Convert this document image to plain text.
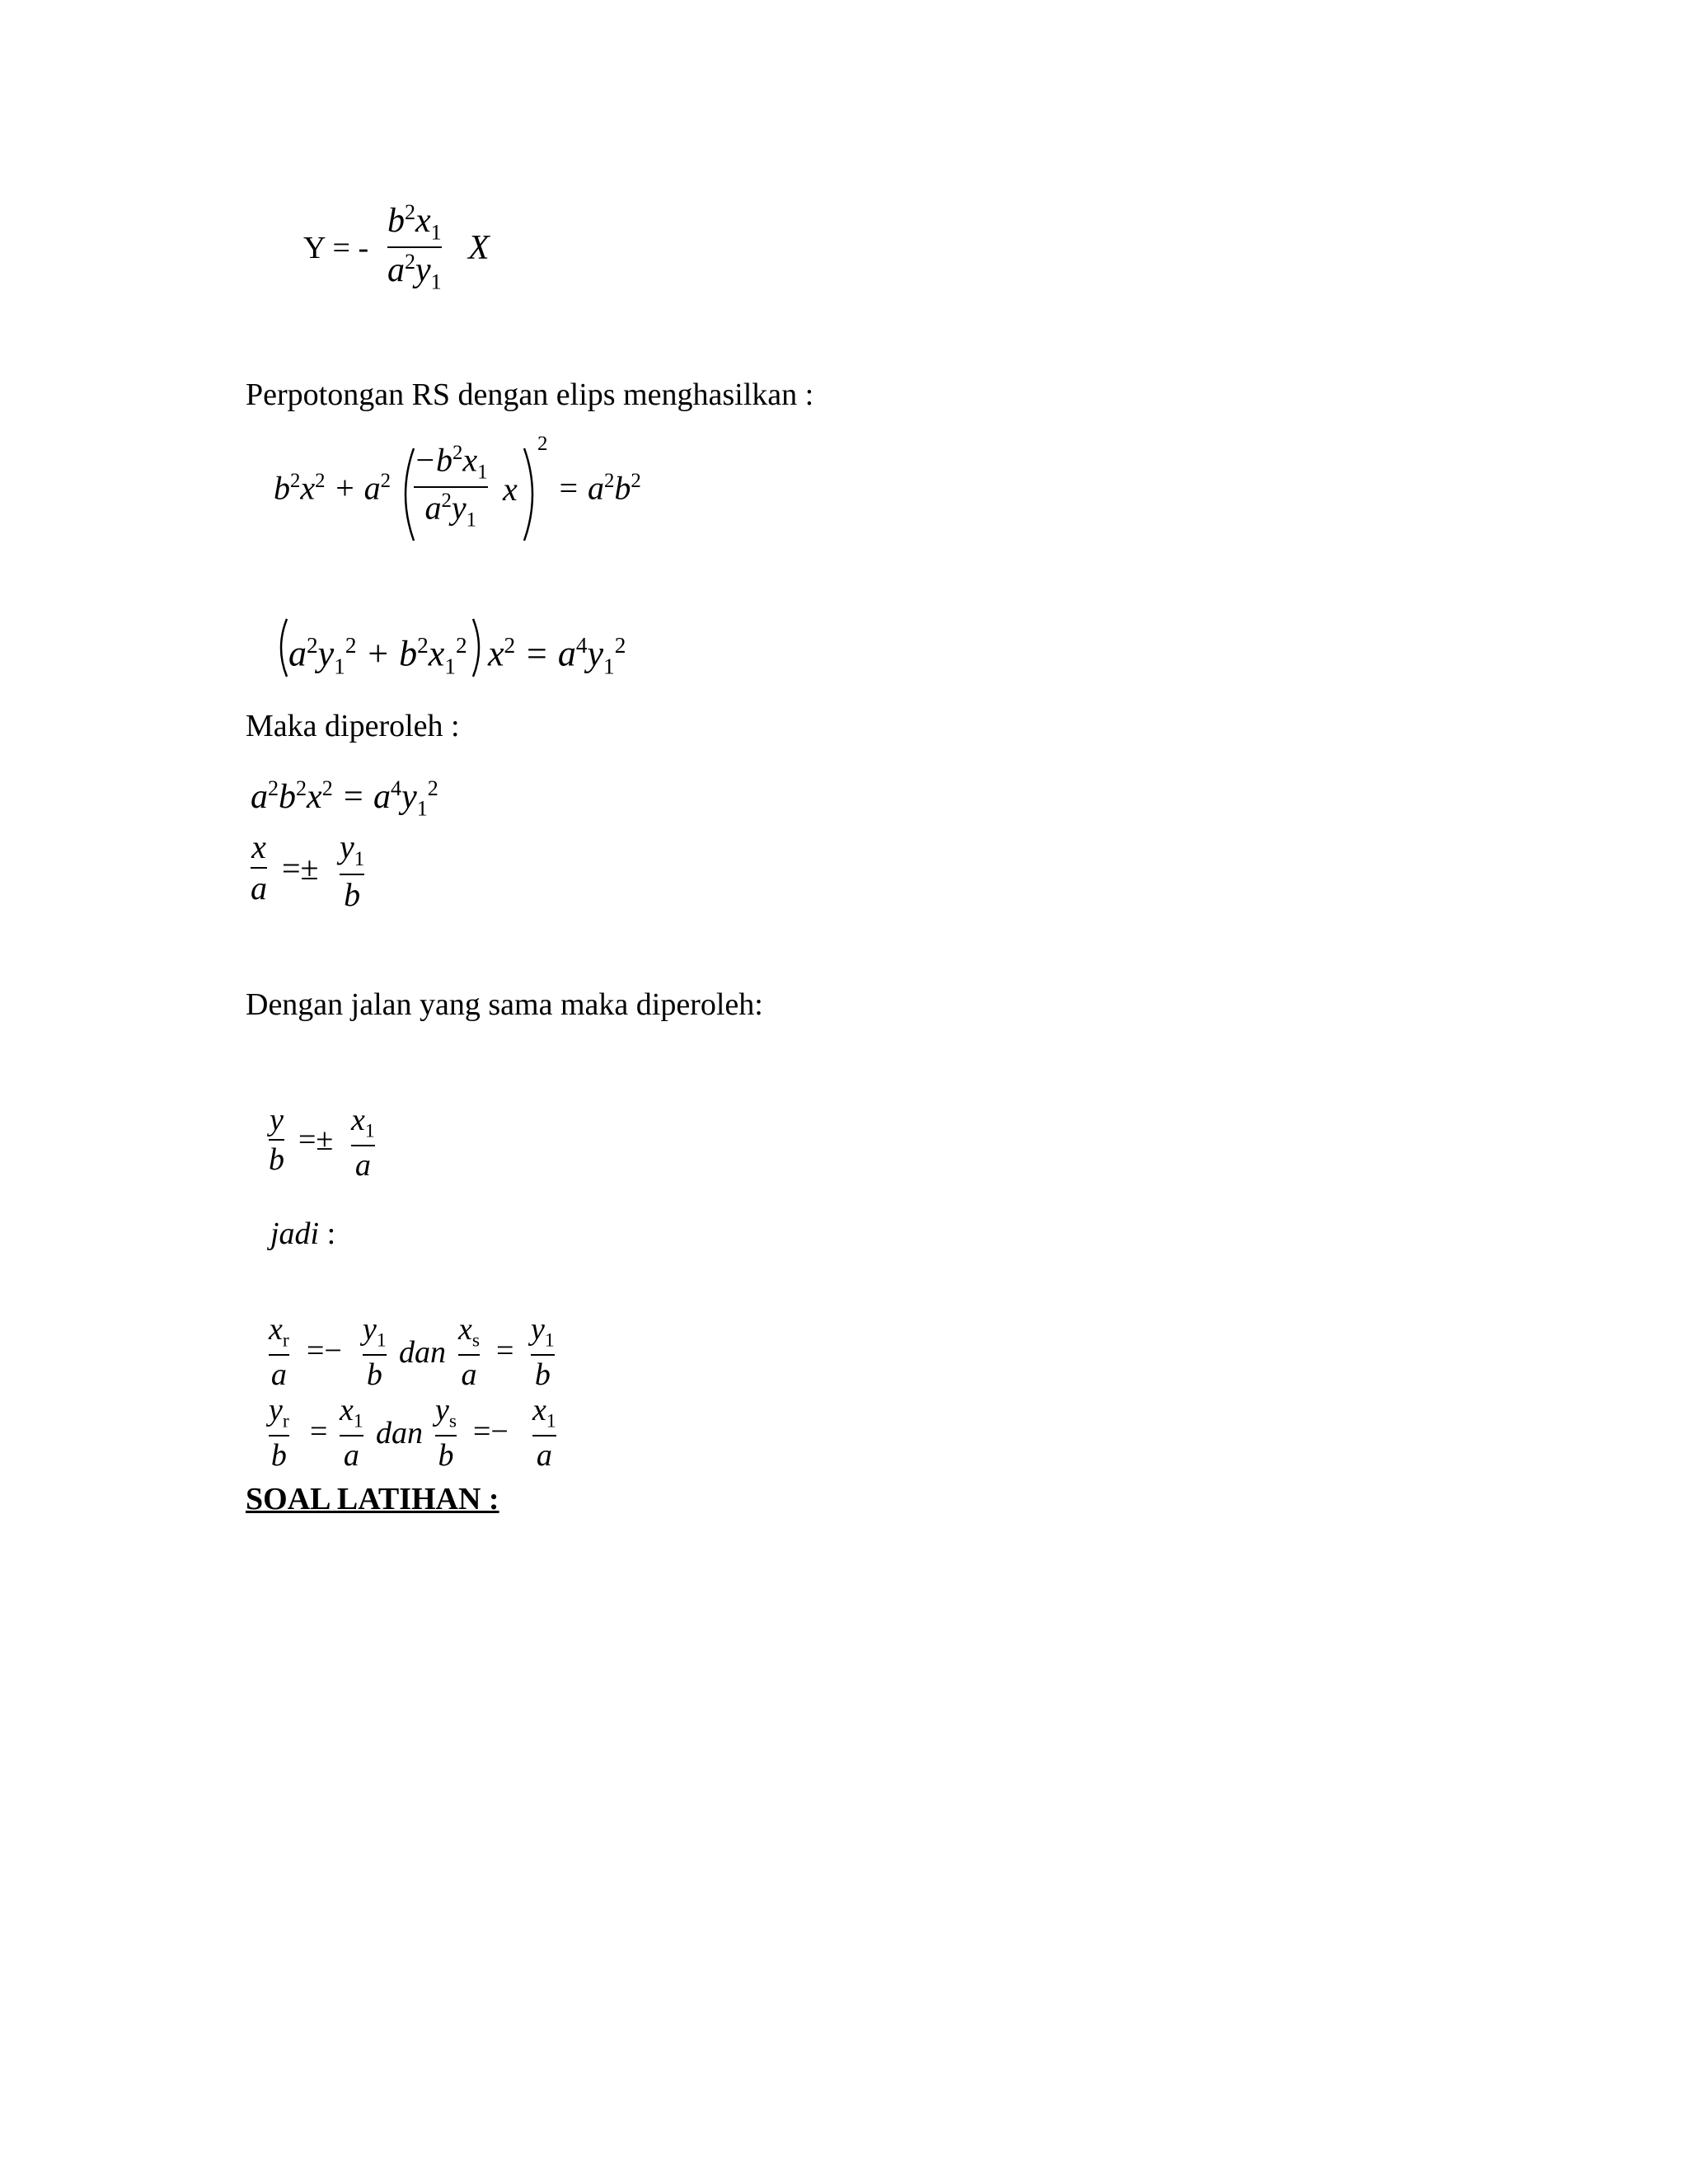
Y = -
$b^2x_1$
$a^2y_1$
X

Perpotongan RS dengan elips menghasilkan :

$b^2x^2 + a^2$
$-b^2x_1$
$a^2y_1$
x
2
= $a^2b^2$
$a^2y_1^2 + b^2x_1^2$ $x^2 = a^4y_1^2$

Maka diperoleh :

$a^2b^2x^2 = a^4y_1^2$
x
a
=±
$y_1$
b

Dengan jalan yang sama maka diperoleh:

y
b
=±
$x_1$
a
jadi :
$x_r$
a
=−
$y_1$
b
dan
$x_s$
a
=
$y_1$
b
$y_r$
b
=
$x_1$
a
dan
$y_s$
b
=−
$x_1$
a
SOAL LATIHAN :
